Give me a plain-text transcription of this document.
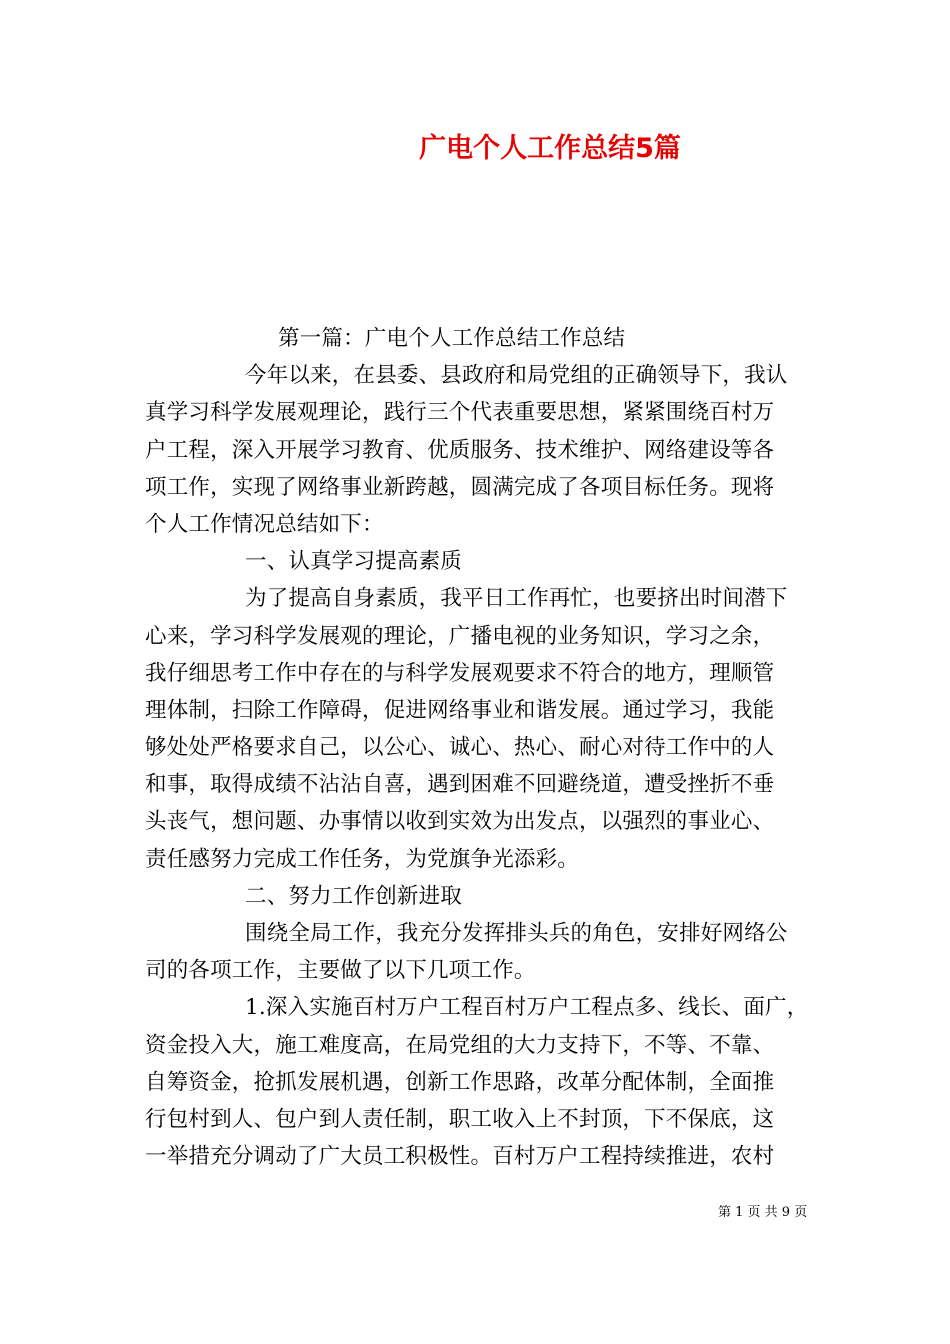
广电个人工作总结5篇
第一篇：广电个人工作总结工作总结
今年以来，在县委、县政府和局党组的正确领导下，我认
真学习科学发展观理论，践行三个代表重要思想，紧紧围绕百村万
户工程，深入开展学习教育、优质服务、技术维护、网络建设等各
项工作，实现了网络事业新跨越，圆满完成了各项目标任务。现将
个人工作情况总结如下：
一、认真学习提高素质
为了提高自身素质，我平日工作再忙，也要挤出时间潜下
心来，学习科学发展观的理论，广播电视的业务知识，学习之余，
我仔细思考工作中存在的与科学发展观要求不符合的地方，理顺管
理体制，扫除工作障碍，促进网络事业和谐发展。通过学习，我能
够处处严格要求自己，以公心、诚心、热心、耐心对待工作中的人
和事，取得成绩不沾沾自喜，遇到困难不回避绕道，遭受挫折不垂
头丧气，想问题、办事情以收到实效为出发点，以强烈的事业心、
责任感努力完成工作任务，为党旗争光添彩。
二、努力工作创新进取
围绕全局工作，我充分发挥排头兵的角色，安排好网络公
司的各项工作，主要做了以下几项工作。
1.深入实施百村万户工程百村万户工程点多、线长、面广，
资金投入大，施工难度高，在局党组的大力支持下，不等、不靠、
自筹资金，抢抓发展机遇，创新工作思路，改革分配体制，全面推
行包村到人、包户到人责任制，职工收入上不封顶，下不保底，这
一举措充分调动了广大员工积极性。百村万户工程持续推进，农村
第 1 页 共 9 页
